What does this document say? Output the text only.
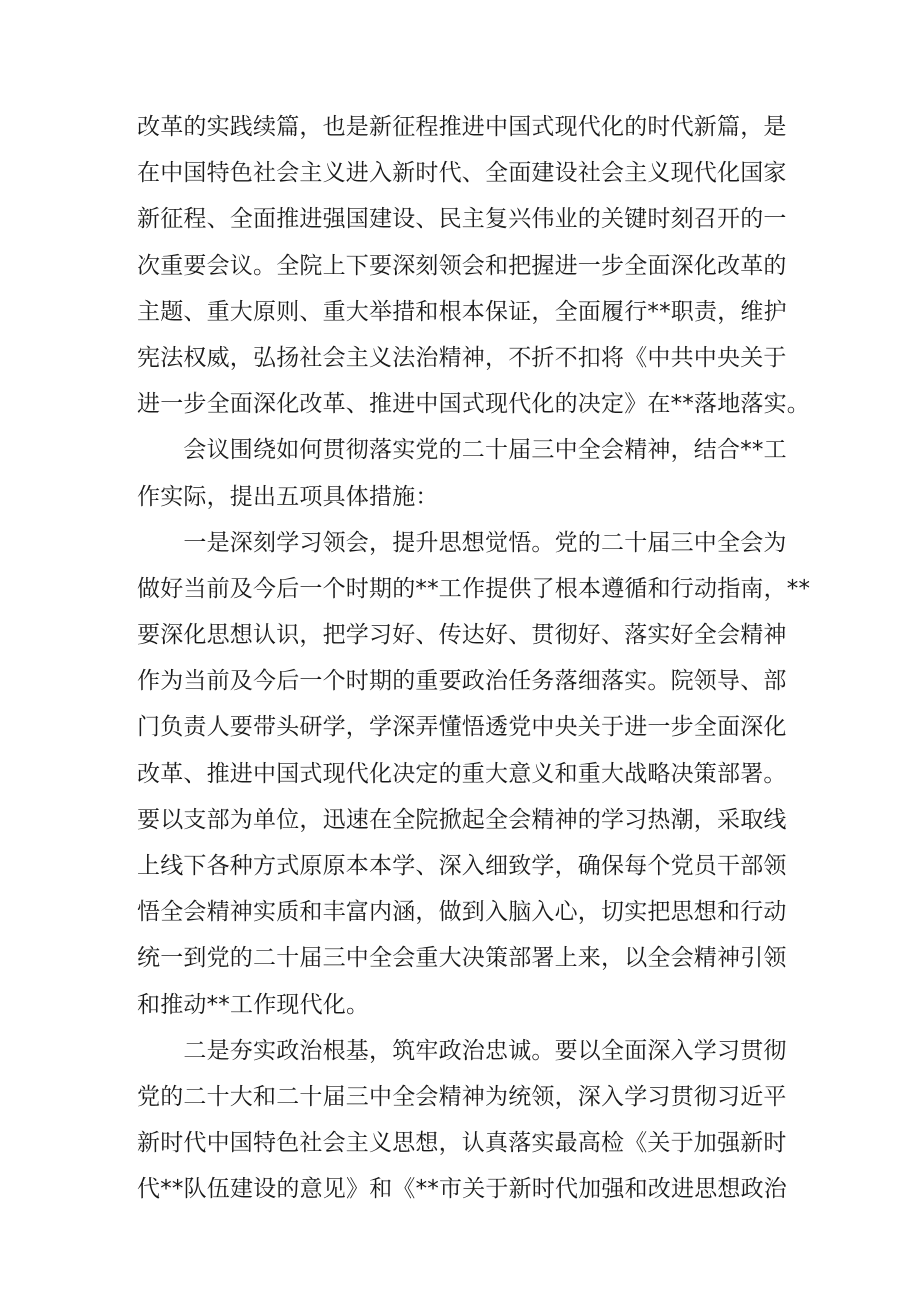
改革的实践续篇，也是新征程推进中国式现代化的时代新篇，是
在中国特色社会主义进入新时代、全面建设社会主义现代化国家
新征程、全面推进强国建设、民主复兴伟业的关键时刻召开的一
次重要会议。全院上下要深刻领会和把握进一步全面深化改革的
主题、重大原则、重大举措和根本保证，全面履行**职责，维护
宪法权威，弘扬社会主义法治精神，不折不扣将《中共中央关于
进一步全面深化改革、推进中国式现代化的决定》在**落地落实。
　　会议围绕如何贯彻落实党的二十届三中全会精神，结合**工
作实际，提出五项具体措施：
　　一是深刻学习领会，提升思想觉悟。党的二十届三中全会为
做好当前及今后一个时期的**工作提供了根本遵循和行动指南，**
要深化思想认识，把学习好、传达好、贯彻好、落实好全会精神
作为当前及今后一个时期的重要政治任务落细落实。院领导、部
门负责人要带头研学，学深弄懂悟透党中央关于进一步全面深化
改革、推进中国式现代化决定的重大意义和重大战略决策部署。
要以支部为单位，迅速在全院掀起全会精神的学习热潮，采取线
上线下各种方式原原本本学、深入细致学，确保每个党员干部领
悟全会精神实质和丰富内涵，做到入脑入心，切实把思想和行动
统一到党的二十届三中全会重大决策部署上来，以全会精神引领
和推动**工作现代化。
　　二是夯实政治根基，筑牢政治忠诚。要以全面深入学习贯彻
党的二十大和二十届三中全会精神为统领，深入学习贯彻习近平
新时代中国特色社会主义思想，认真落实最高检《关于加强新时
代**队伍建设的意见》和《**市关于新时代加强和改进思想政治
